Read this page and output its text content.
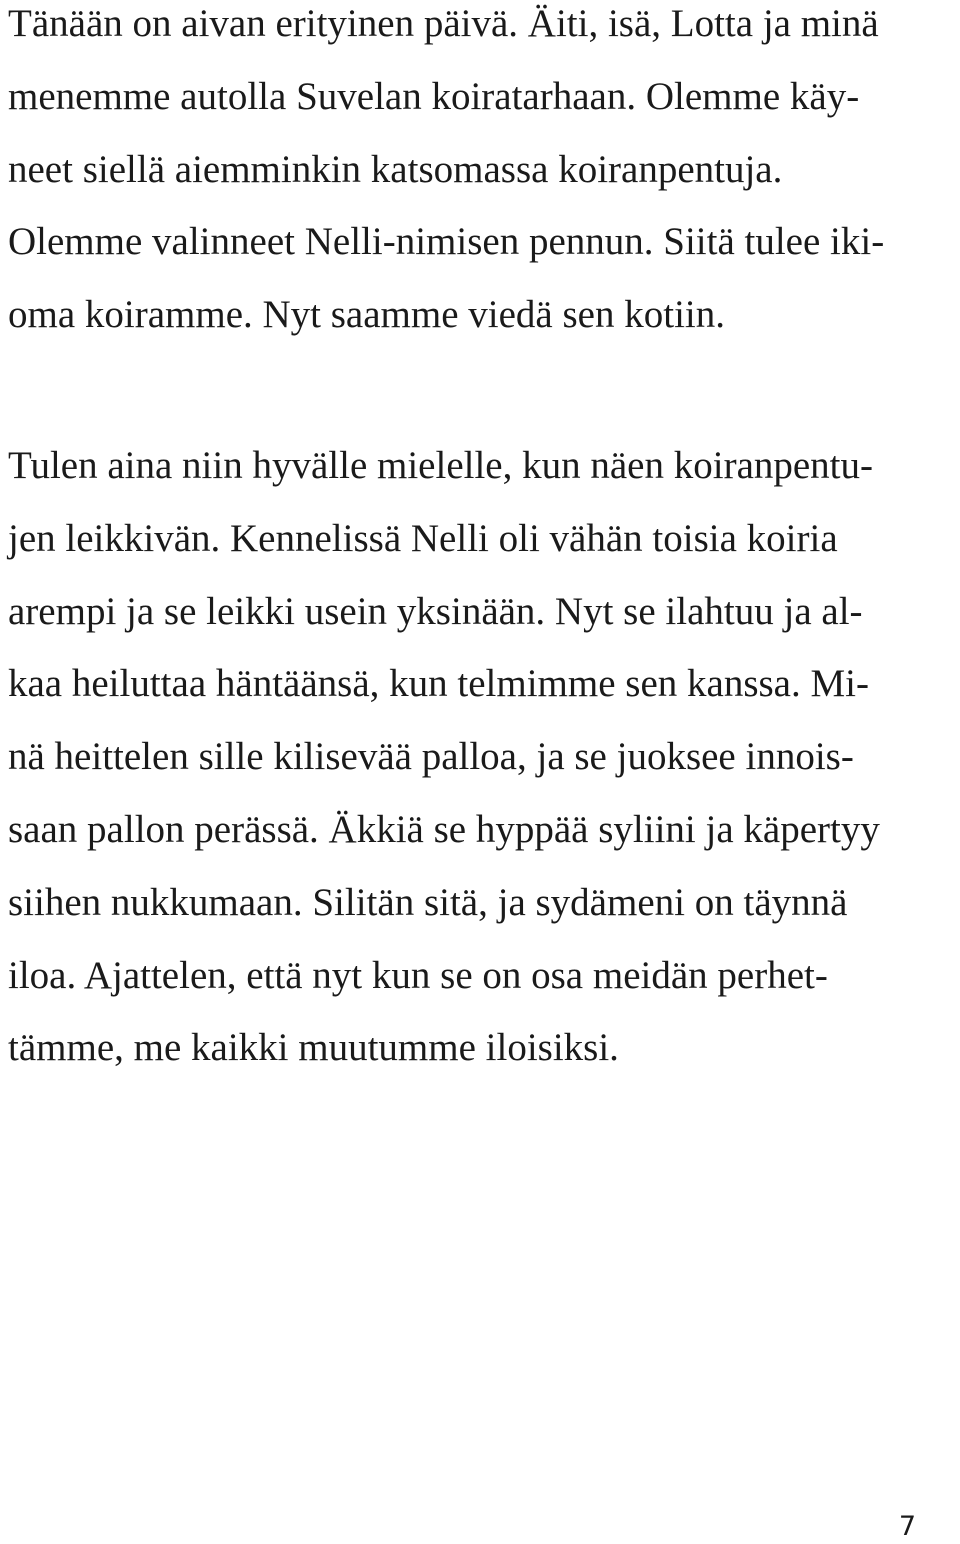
Tänään on aivan erityinen päivä. Äiti, isä, Lotta ja minä
menemme autolla Suvelan koiratarhaan. Olemme käy-
neet siellä aiemminkin katsomassa koiranpentuja.
Olemme valinneet Nelli-nimisen pennun. Siitä tulee iki-
oma koiramme. Nyt saamme viedä sen kotiin.

Tulen aina niin hyvälle mielelle, kun näen koiranpentu-
jen leikkivän. Kennelissä Nelli oli vähän toisia koiria
arempi ja se leikki usein yksinään. Nyt se ilahtuu ja al-
kaa heiluttaa häntäänsä, kun telmimme sen kanssa. Mi-
nä heittelen sille kilisevää palloa, ja se juoksee innois-
saan pallon perässä. Äkkiä se hyppää syliini ja käpertyy
siihen nukkumaan. Silitän sitä, ja sydämeni on täynnä
iloa. Ajattelen, että nyt kun se on osa meidän perhet-
tämme, me kaikki muutumme iloisiksi.

7
